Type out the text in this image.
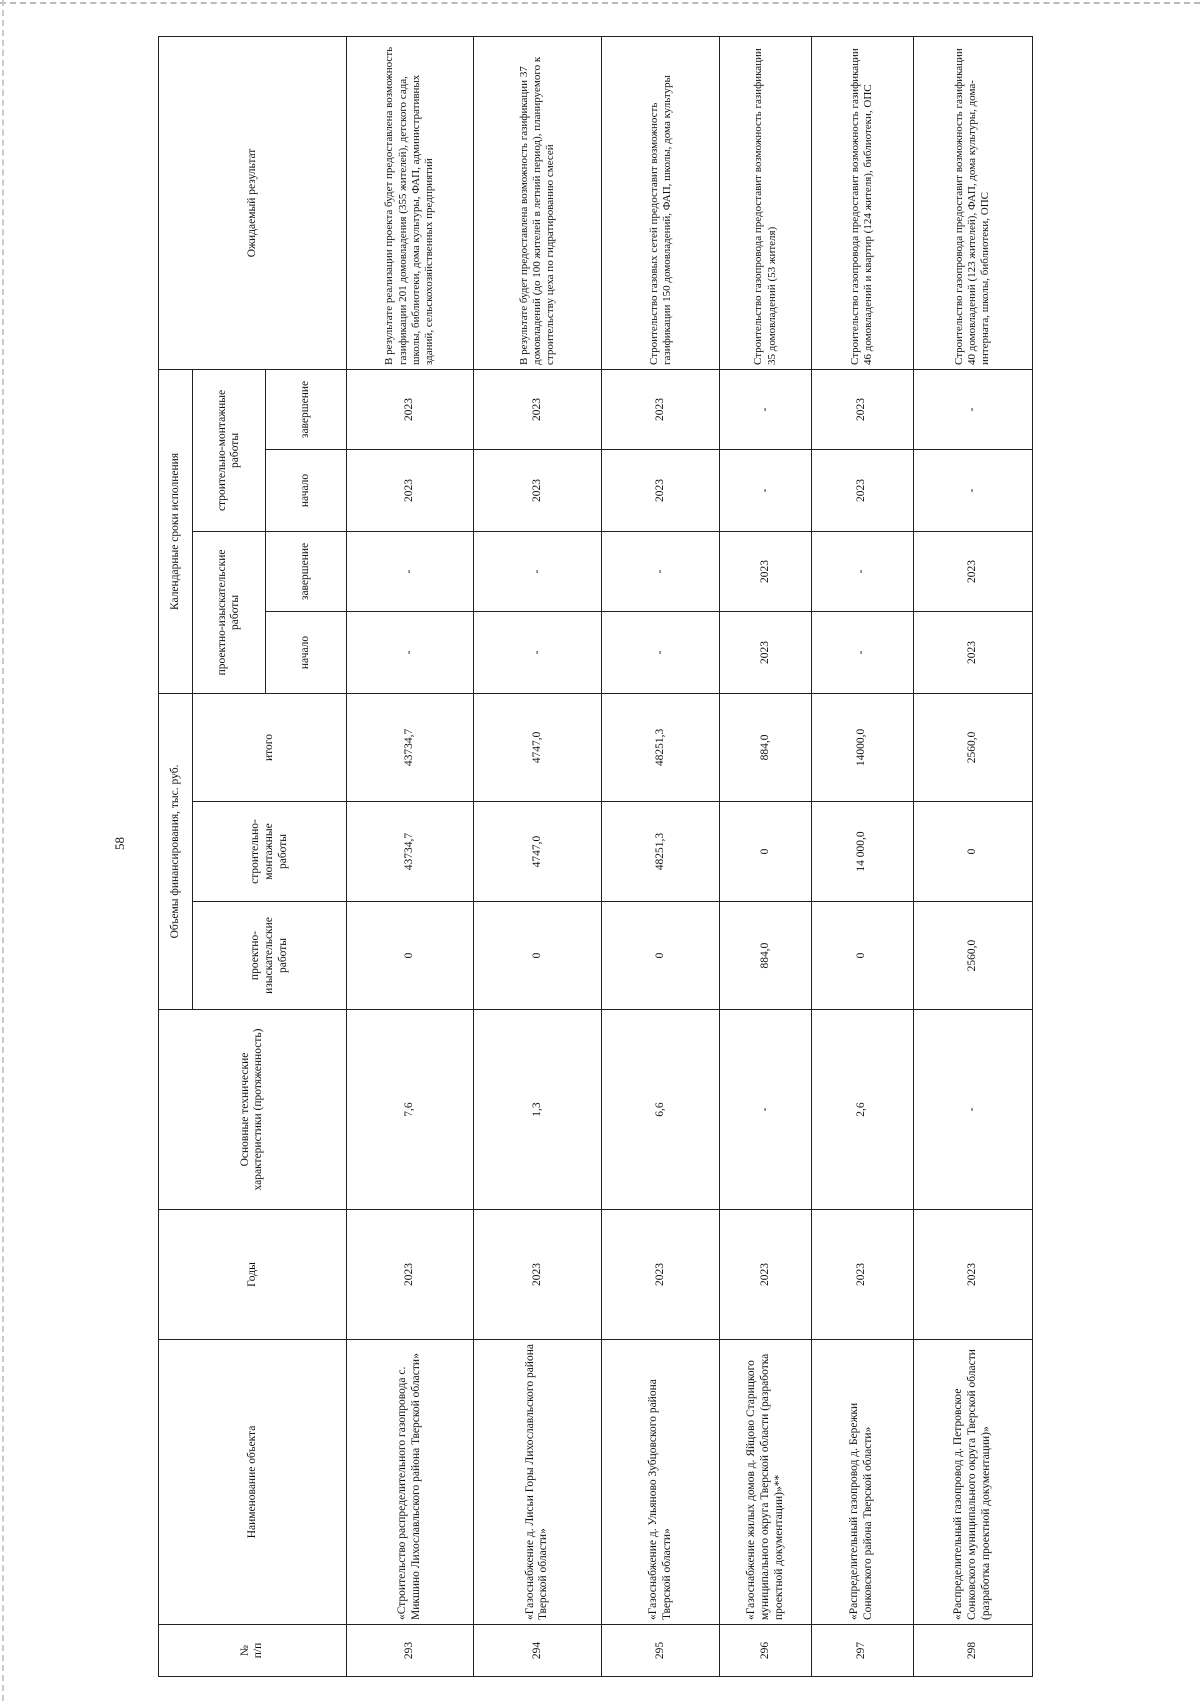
58
№
п/п	Наименование объекта	Годы	Основные технические характеристики (протяженность)	Объемы финансирования, тыс. руб.			Календарные сроки исполнения				Ожидаемый результат
				проектно-изыскательские работы	строительно-монтажные работы	итого	проектно-изыскательские работы		строительно-монтажные работы		
							начало	завершение	начало	завершение	
293	«Строительство распределительного газопровода с. Микшино Лихославльского района Тверской области»	2023	7,6	0	43734,7	43734,7	-	-	2023	2023	В результате реализации проекта будет предоставлена возможность газификации 201 домовладения (355 жителей), детского сада, школы, библиотеки, дома культуры, ФАП, административных зданий, сельскохозяйственных предприятий
294	«Газоснабжение д. Лисьи Горы Лихославльского района Тверской области»	2023	1,3	0	4747,0	4747,0	-	-	2023	2023	В результате будет предоставлена возможность газификации 37 домовладений (до 100 жителей в летний период), планируемого к строительству цеха по гидратированию смесей
295	«Газоснабжение д. Ульяново Зубцовского района Тверской области»	2023	6,6	0	48251,3	48251,3	-	-	2023	2023	Строительство газовых сетей предоставит возможность газификации 150 домовладений, ФАП, школы, дома культуры
296	«Газоснабжение жилых домов д. Яйцово Старицкого муниципального округа Тверской области (разработка проектной документации)»**	2023	-	884,0	0	884,0	2023	2023	-	-	Строительство газопровода предоставит возможность газификации 35 домовладений (53 жителя)
297	«Распределительный газопровод д. Бережки Сонковского района Тверской области»	2023	2,6	0	14 000,0	14000,0	-	-	2023	2023	Строительство газопровода предоставит возможность газификации 46 домовладений и квартир (124 жителя), библиотеки, ОПС
298	«Распределительный газопровод д. Петровское Сонковского муниципального округа Тверской области (разработка проектной документации)»	2023	-	2560,0	0	2560,0	2023	2023	-	-	Строительство газопровода предоставит возможность газификации 40 домовладений (123 жителей), ФАП, дома культуры, дома-интерната, школы, библиотеки, ОПС
